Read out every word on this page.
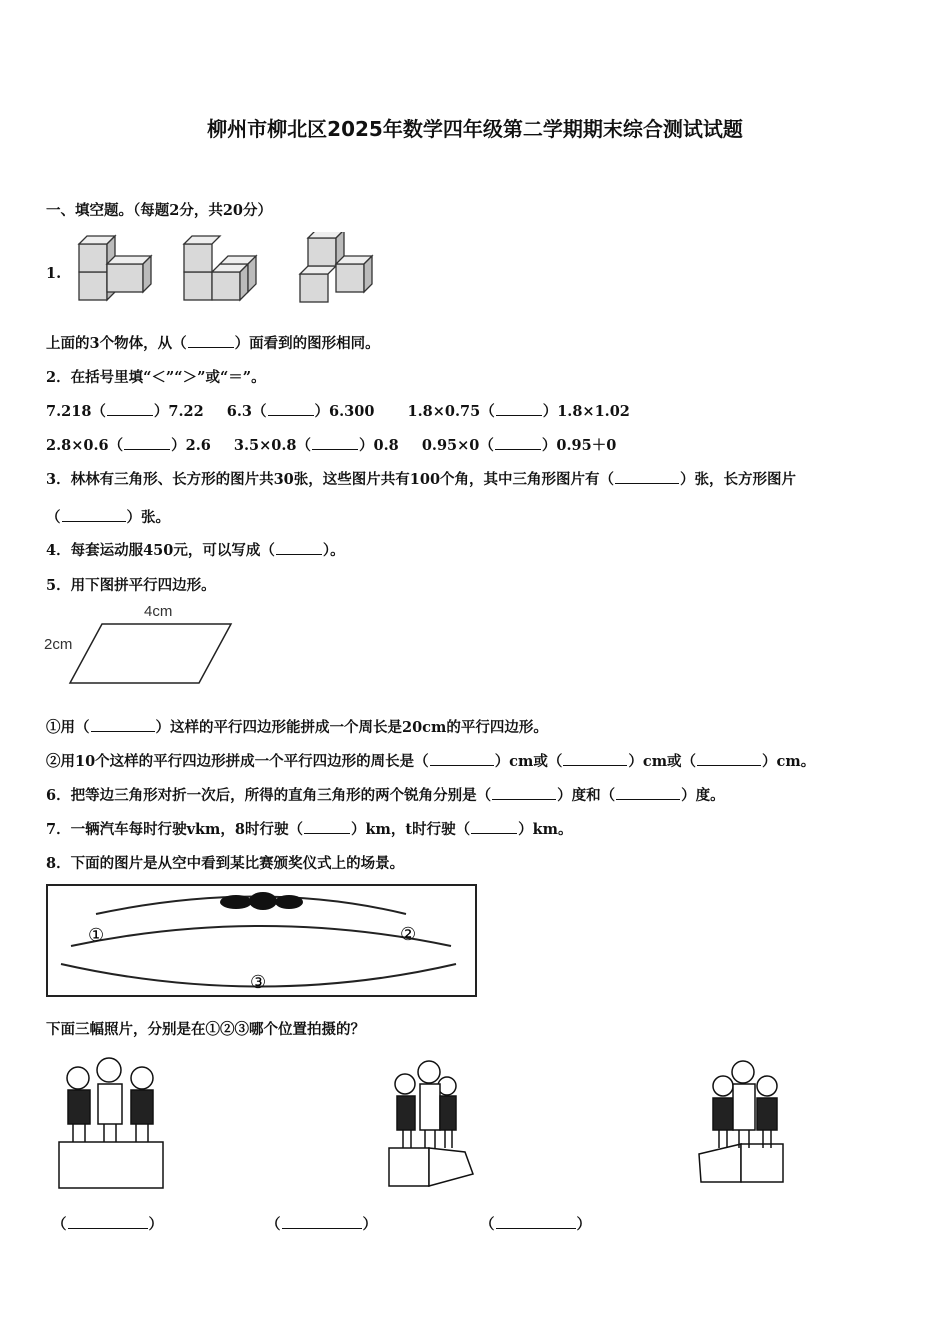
柳州市柳北区2025年数学四年级第二学期期末综合测试试题
一、填空题。（每题2分，共20分）
1.
上面的3个物体，从（	）面看到的图形相同。
2．在括号里填“＜”“＞”或“＝”。
7.218（	）7.22 6.3（	）6.300 1.8×0.75（	）1.8×1.02
2.8×0.6（	）2.6 3.5×0.8（	）0.8 0.95×0（	）0.95＋0
3．林林有三角形、长方形的图片共30张，这些图片共有100个角，其中三角形图片有（	）张，长方形图片
（	）张。
4．每套运动服450元，可以写成（	）。
5．用下图拼平行四边形。
4cm
2cm
①用（	）这样的平行四边形能拼成一个周长是20cm的平行四边形。
②用10个这样的平行四边形拼成一个平行四边形的周长是（	）cm或（	）cm或（	）cm。
6．把等边三角形对折一次后，所得的直角三角形的两个锐角分别是（	）度和（	）度。
7．一辆汽车每时行驶vkm，8时行驶（	）km，t时行驶（	）km。
8．下面的图片是从空中看到某比赛颁奖仪式上的场景。
①	②
③
下面三幅照片，分别是在①②③哪个位置拍摄的？
（	）	（	）	（	）
